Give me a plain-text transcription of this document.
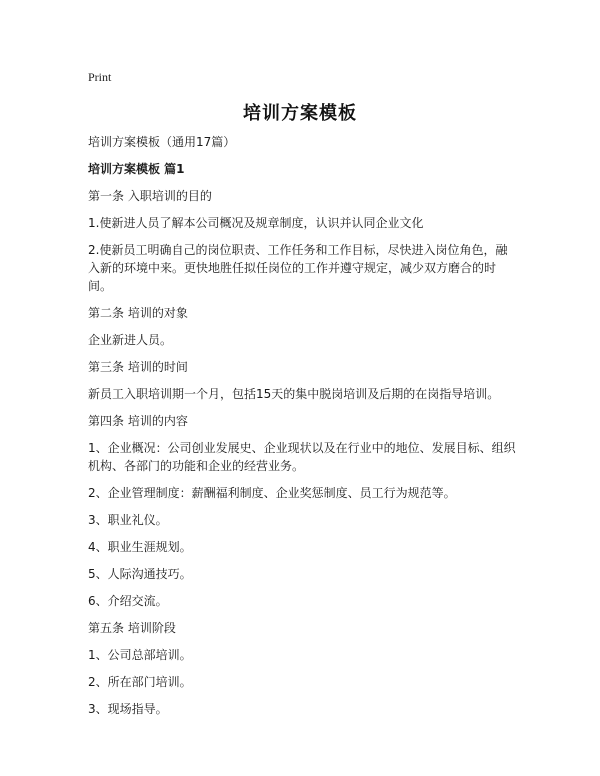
Print
培训方案模板

培训方案模板（通用17篇）

培训方案模板 篇1

第一条 入职培训的目的

1.使新进人员了解本公司概况及规章制度，认识并认同企业文化

2.使新员工明确自己的岗位职责、工作任务和工作目标，尽快进入岗位角色，融入新的环境中来。更快地胜任拟任岗位的工作并遵守规定，减少双方磨合的时间。

第二条 培训的对象

企业新进人员。

第三条 培训的时间

新员工入职培训期一个月，包括15天的集中脱岗培训及后期的在岗指导培训。

第四条 培训的内容

1、企业概况：公司创业发展史、企业现状以及在行业中的地位、发展目标、组织机构、各部门的功能和企业的经营业务。

2、企业管理制度：薪酬福利制度、企业奖惩制度、员工行为规范等。

3、职业礼仪。

4、职业生涯规划。

5、人际沟通技巧。

6、介绍交流。

第五条 培训阶段

1、公司总部培训。

2、所在部门培训。

3、现场指导。
